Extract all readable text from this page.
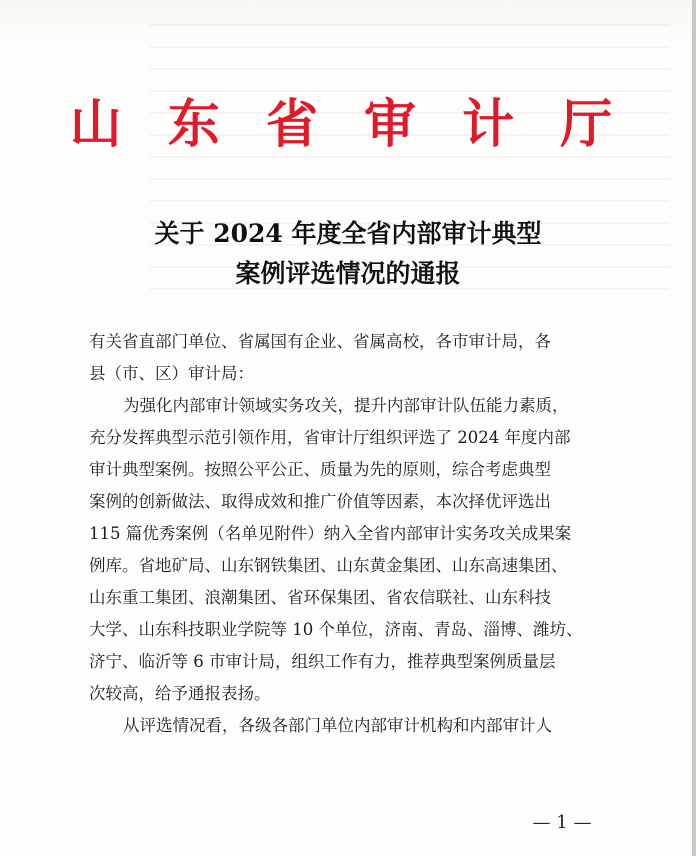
山 东 省 审 计 厅
关于 2024 年度全省内部审计典型
案例评选情况的通报
有关省直部门单位、省属国有企业、省属高校，各市审计局，各
县（市、区）审计局：
为强化内部审计领域实务攻关，提升内部审计队伍能力素质，
充分发挥典型示范引领作用，省审计厅组织评选了 2024 年度内部
审计典型案例。按照公平公正、质量为先的原则，综合考虑典型
案例的创新做法、取得成效和推广价值等因素，本次择优评选出
115 篇优秀案例（名单见附件）纳入全省内部审计实务攻关成果案
例库。省地矿局、山东钢铁集团、山东黄金集团、山东高速集团、
山东重工集团、浪潮集团、省环保集团、省农信联社、山东科技
大学、山东科技职业学院等 10 个单位，济南、青岛、淄博、潍坊、
济宁、临沂等 6 市审计局，组织工作有力，推荐典型案例质量层
次较高，给予通报表扬。
从评选情况看，各级各部门单位内部审计机构和内部审计人
— 1 —
